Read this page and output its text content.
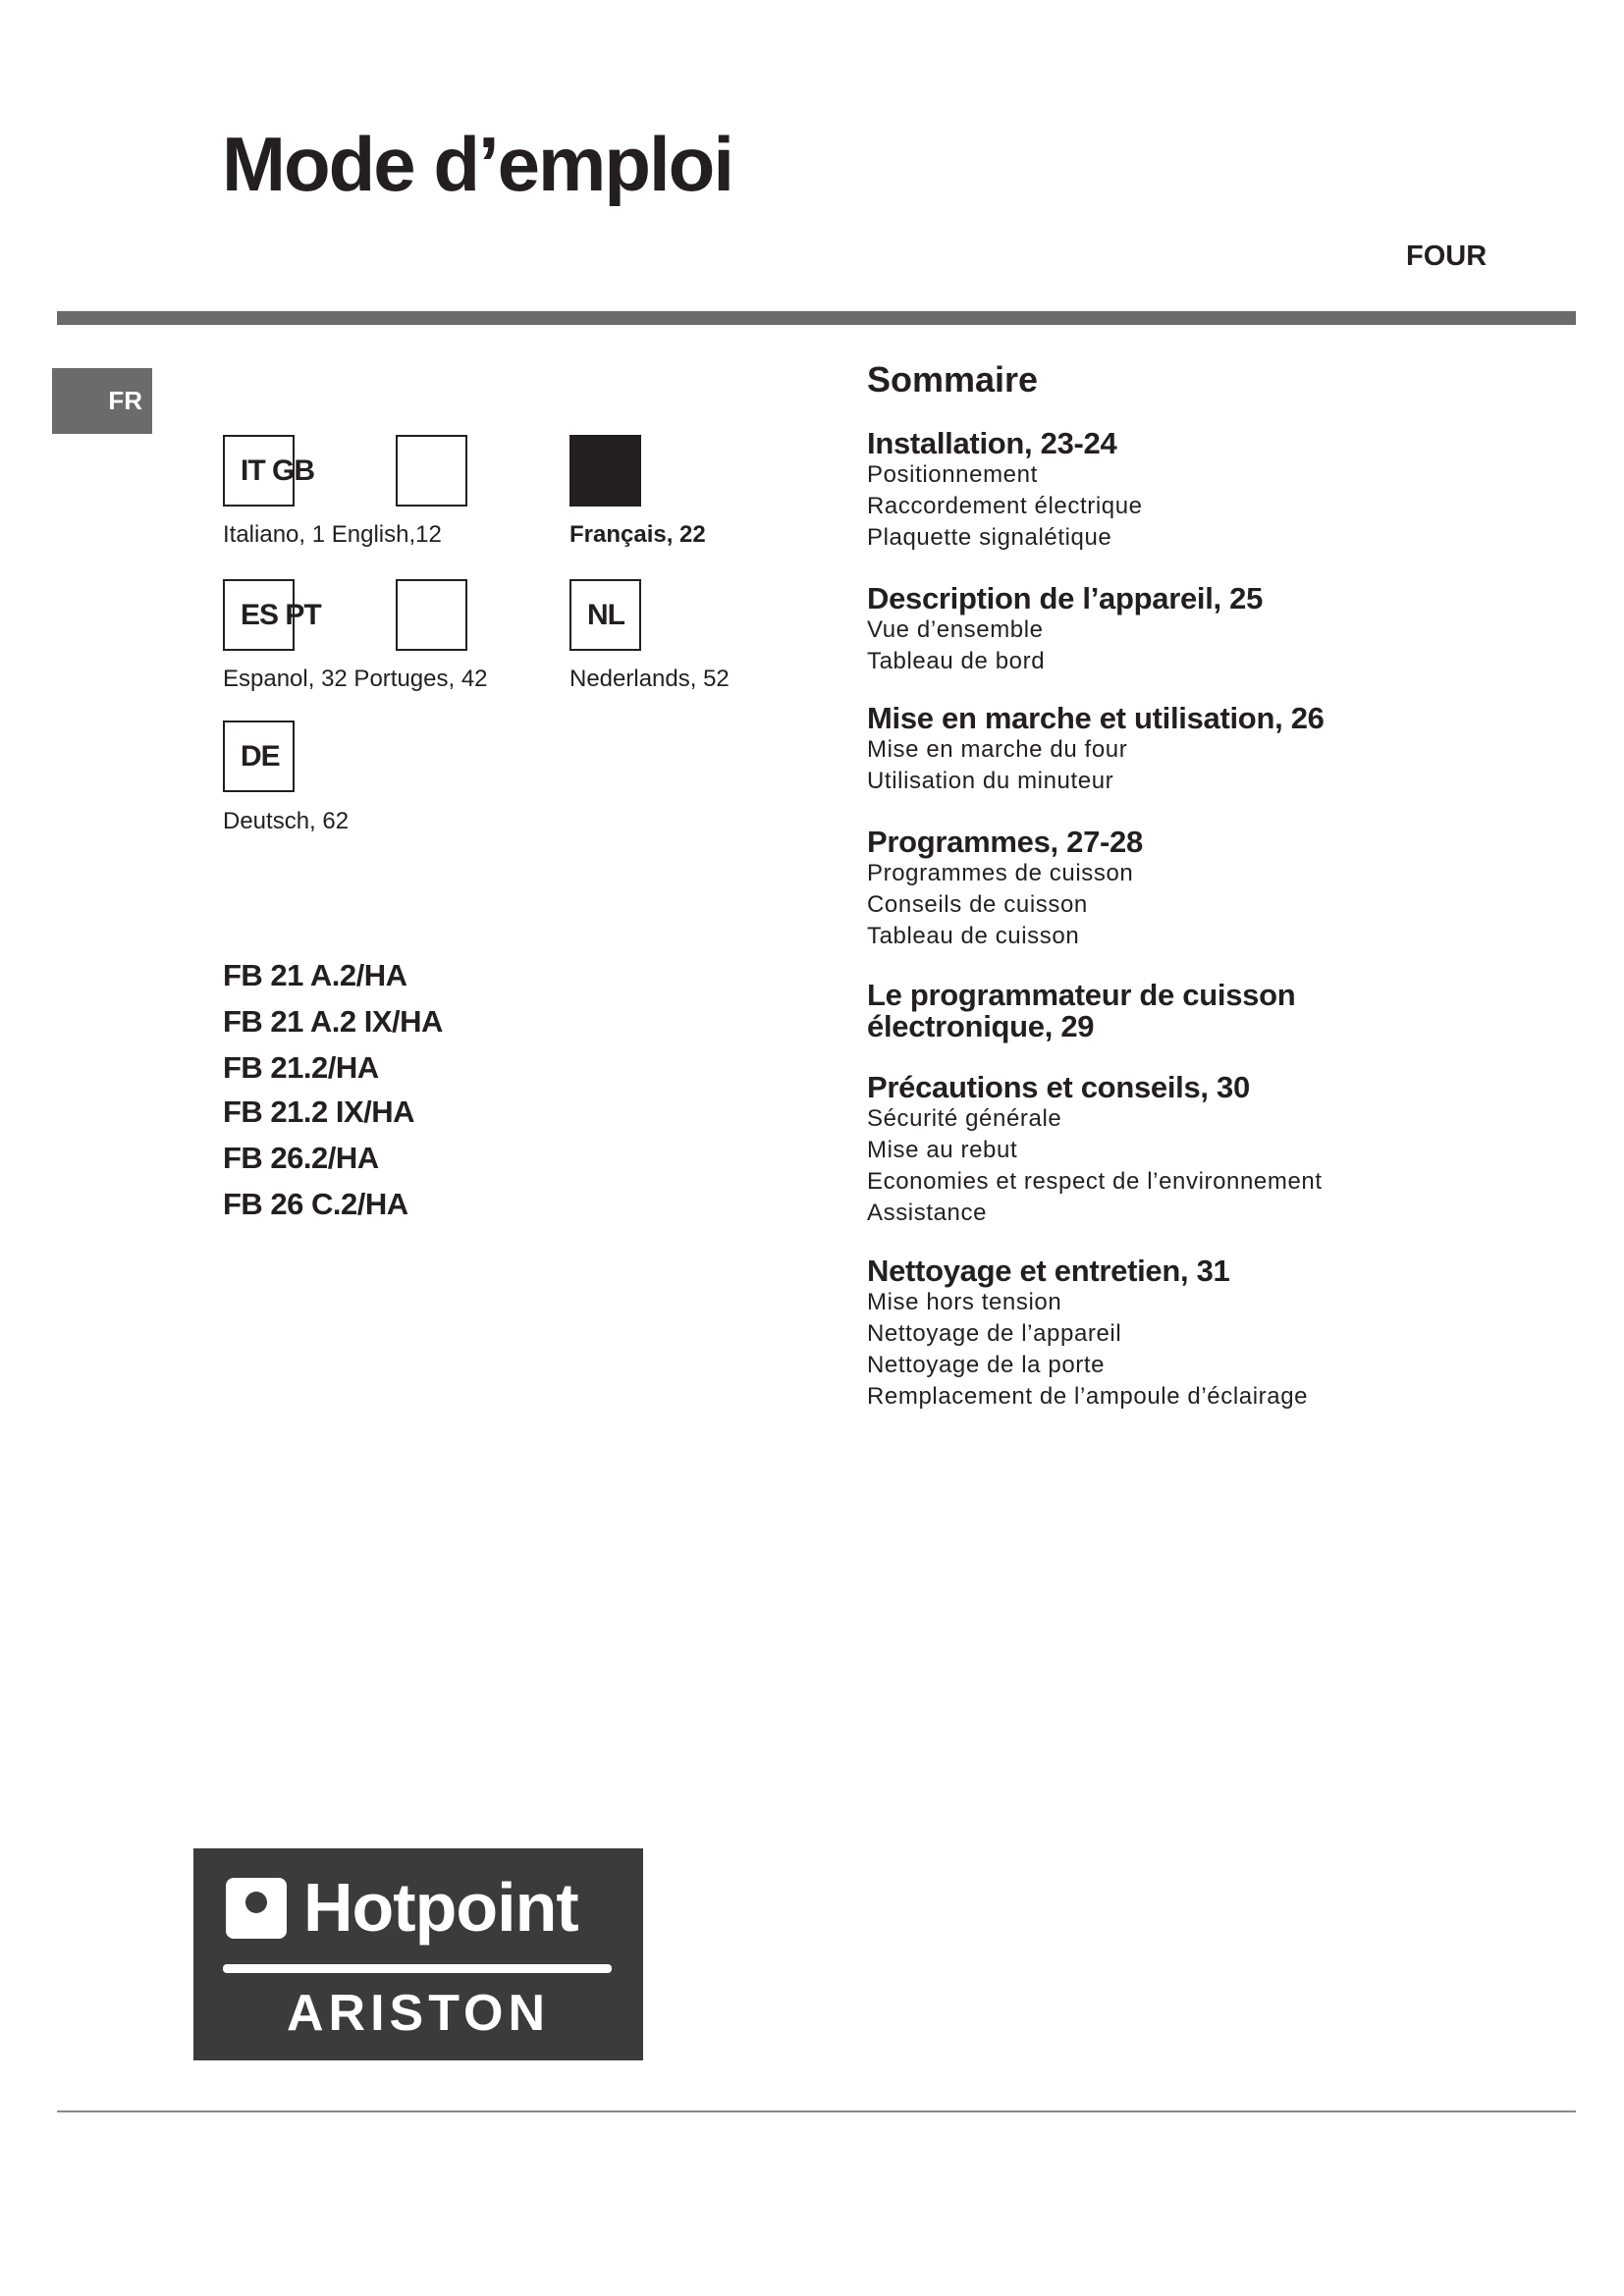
Mode d’emploi
FOUR
FR
IT GB
Italiano, 1 English,12	Français, 22
ES PT	NL
Espanol, 32 Portuges, 42	Nederlands, 52
DE
Deutsch, 62
FB 21 A.2/HA
FB 21 A.2 IX/HA
FB 21.2/HA
FB 21.2 IX/HA
FB 26.2/HA
FB 26 C.2/HA
Sommaire
Installation, 23-24
Positionnement
Raccordement électrique
Plaquette signalétique
Description de l’appareil, 25
Vue d’ensemble
Tableau de bord
Mise en marche et utilisation, 26
Mise en marche du four
Utilisation du minuteur
Programmes, 27-28
Programmes de cuisson
Conseils de cuisson
Tableau de cuisson
Le programmateur de cuisson
électronique, 29
Précautions et conseils, 30
Sécurité générale
Mise au rebut
Economies et respect de l’environnement
Assistance
Nettoyage et entretien, 31
Mise hors tension
Nettoyage de l’appareil
Nettoyage de la porte
Remplacement de l’ampoule d’éclairage
Hotpoint
ARISTON
